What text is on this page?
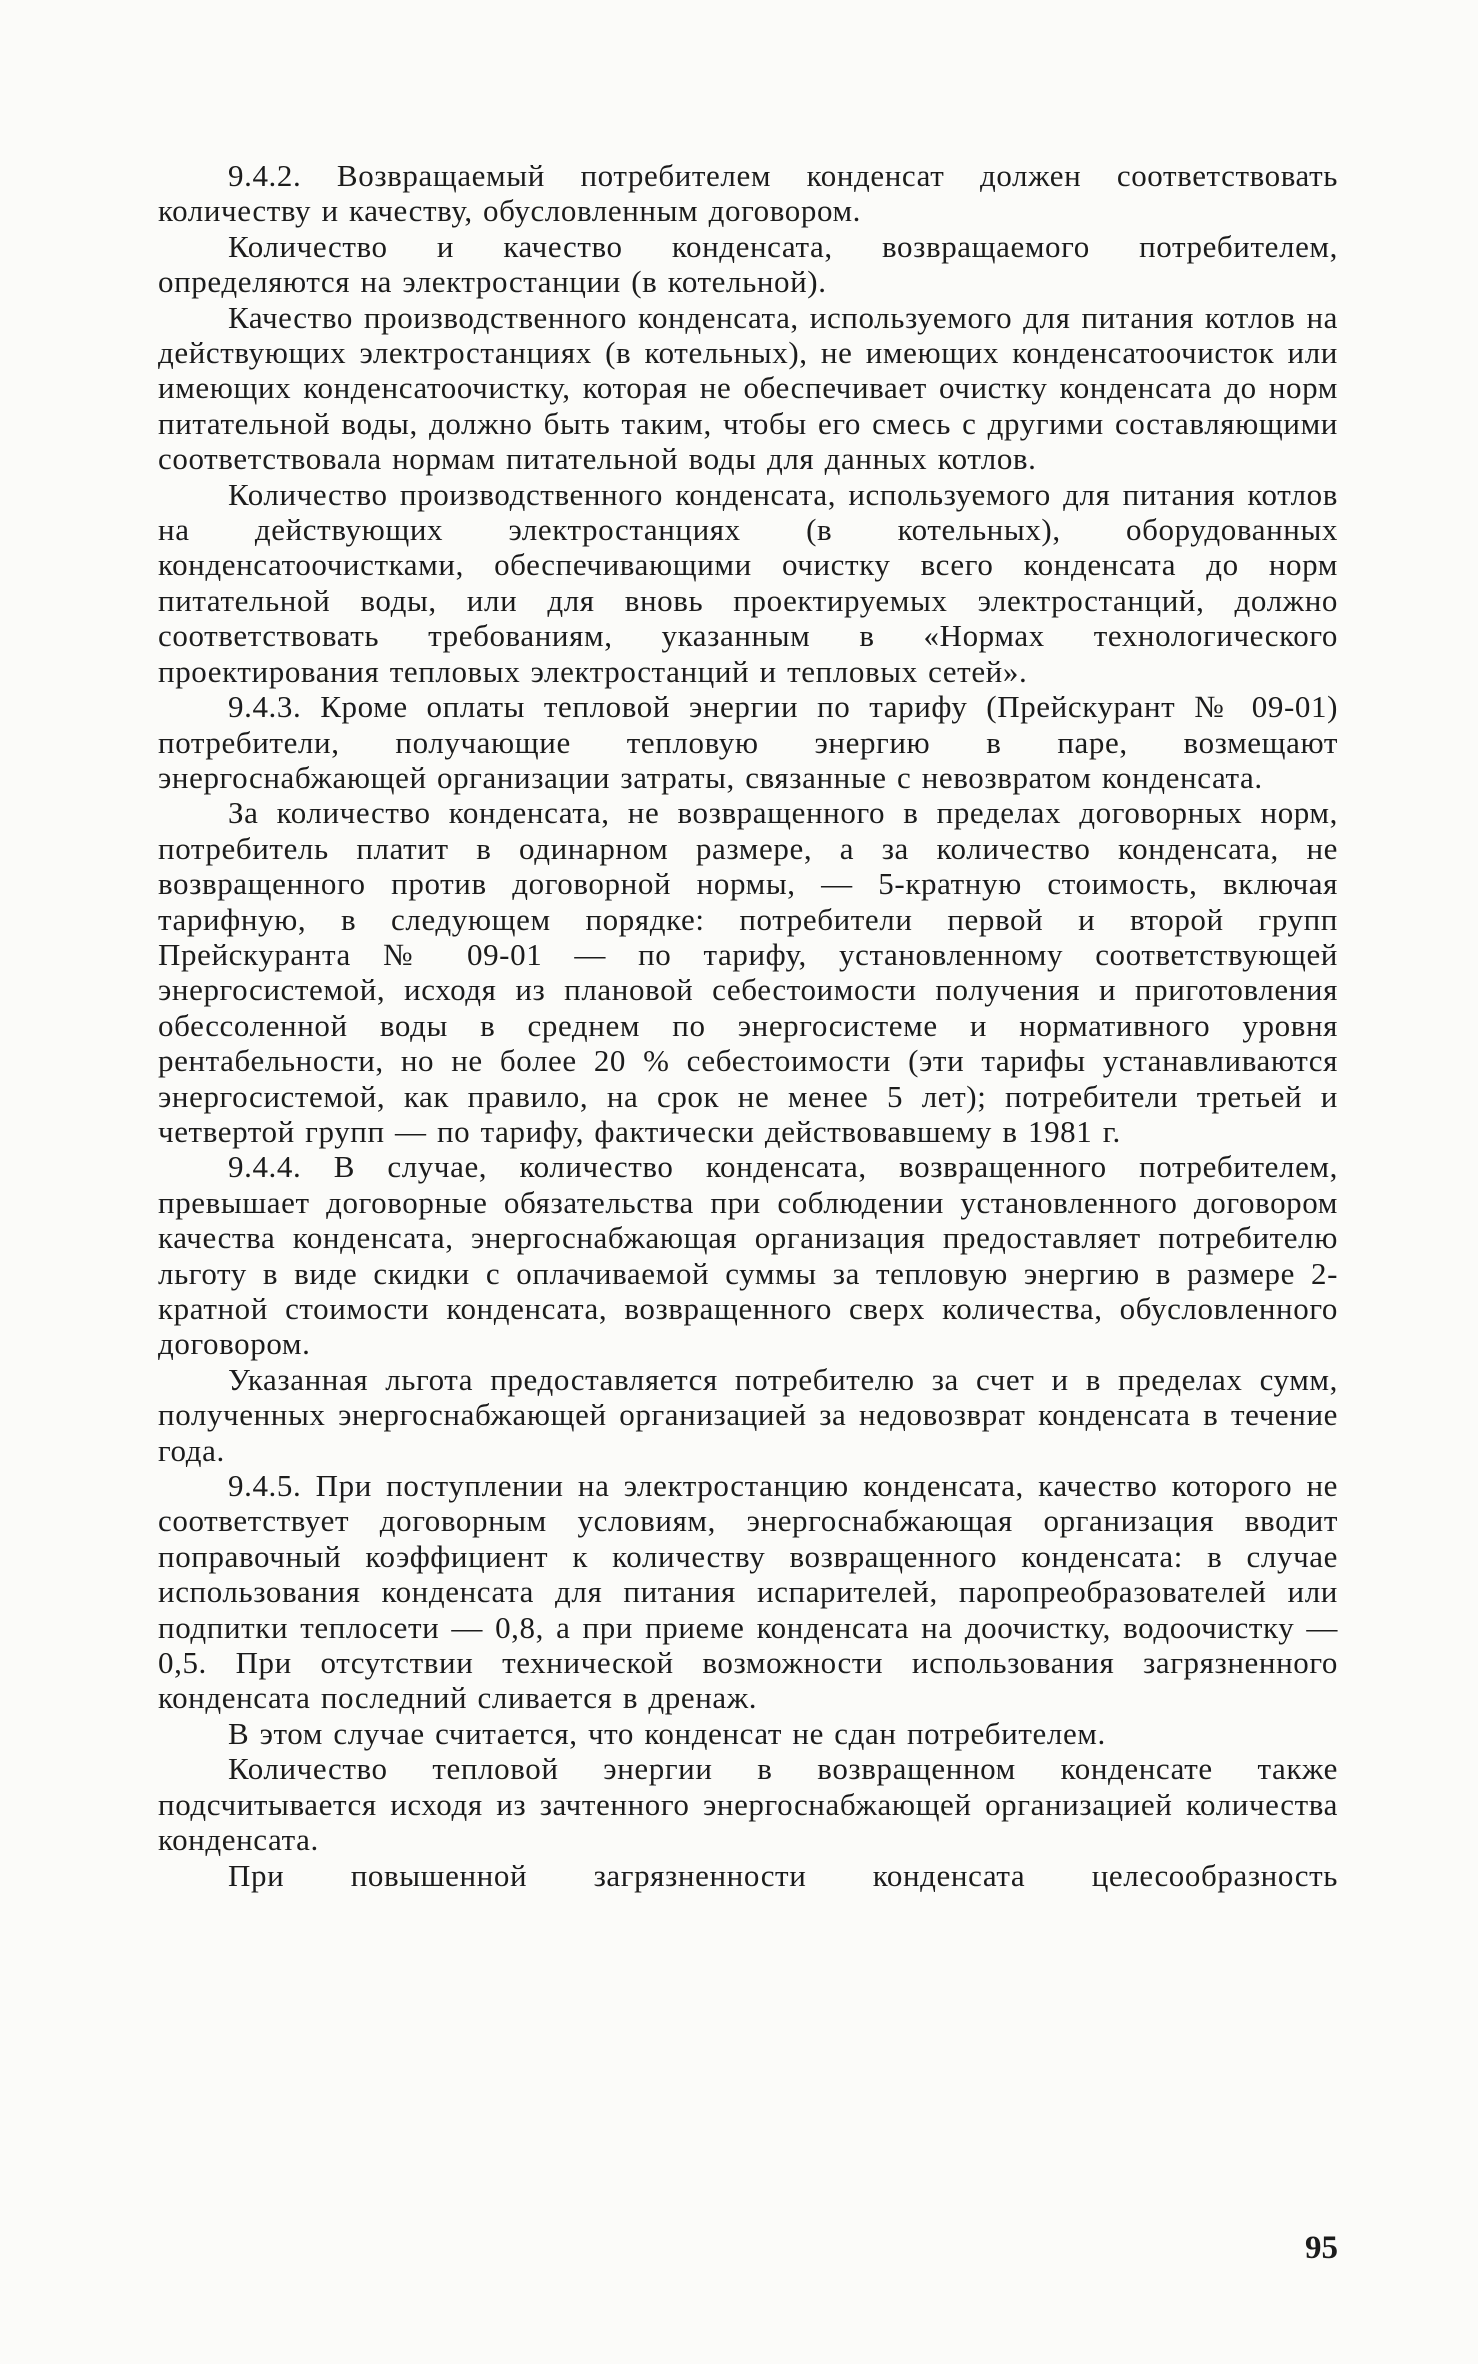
9.4.2. Возвращаемый потребителем конденсат должен соответствовать количеству и качеству, обусловленным договором.

Количество и качество конденсата, возвращаемого потребителем, определяются на электростанции (в котельной).

Качество производственного конденсата, используемого для питания котлов на действующих электростанциях (в котельных), не имеющих конденсатоочисток или имеющих конденсатоочистку, которая не обеспечивает очистку конденсата до норм питательной воды, должно быть таким, чтобы его смесь с другими составляющими соответствовала нормам питательной воды для данных котлов.

Количество производственного конденсата, используемого для питания котлов на действующих электростанциях (в котельных), оборудованных конденсатоочистками, обеспечивающими очистку всего конденсата до норм питательной воды, или для вновь проектируемых электростанций, должно соответствовать требованиям, указанным в «Нормах технологического проектирования тепловых электростанций и тепловых сетей».

9.4.3. Кроме оплаты тепловой энергии по тарифу (Прейскурант № 09-01) потребители, получающие тепловую энергию в паре, возмещают энергоснабжающей организации затраты, связанные с невозвратом конденсата.

За количество конденсата, не возвращенного в пределах договорных норм, потребитель платит в одинарном размере, а за количество конденсата, не возвращенного против договорной нормы, — 5-кратную стоимость, включая тарифную, в следующем порядке: потребители первой и второй групп Прейскуранта № 09-01 — по тарифу, установленному соответствующей энергосистемой, исходя из плановой себестоимости получения и приготовления обессоленной воды в среднем по энергосистеме и нормативного уровня рентабельности, но не более 20 % себестоимости (эти тарифы устанавливаются энергосистемой, как правило, на срок не менее 5 лет); потребители третьей и четвертой групп — по тарифу, фактически действовавшему в 1981 г.

9.4.4. В случае, количество конденсата, возвращенного потребителем, превышает договорные обязательства при соблюдении установленного договором качества конденсата, энергоснабжающая организация предоставляет потребителю льготу в виде скидки с оплачиваемой суммы за тепловую энергию в размере 2-кратной стоимости конденсата, возвращенного сверх количества, обусловленного договором.

Указанная льгота предоставляется потребителю за счет и в пределах сумм, полученных энергоснабжающей организацией за недовозврат конденсата в течение года.

9.4.5. При поступлении на электростанцию конденсата, качество которого не соответствует договорным условиям, энергоснабжающая организация вводит поправочный коэффициент к количеству возвращенного конденсата: в случае использования конденсата для питания испарителей, паропреобразователей или подпитки теплосети — 0,8, а при приеме конденсата на доочистку, водоочистку — 0,5. При отсутствии технической возможности использования загрязненного конденсата последний сливается в дренаж.

В этом случае считается, что конденсат не сдан потребителем.

Количество тепловой энергии в возвращенном конденсате также подсчитывается исходя из зачтенного энергоснабжающей организацией количества конденсата.

При повышенной загрязненности конденсата целесообразность

95
